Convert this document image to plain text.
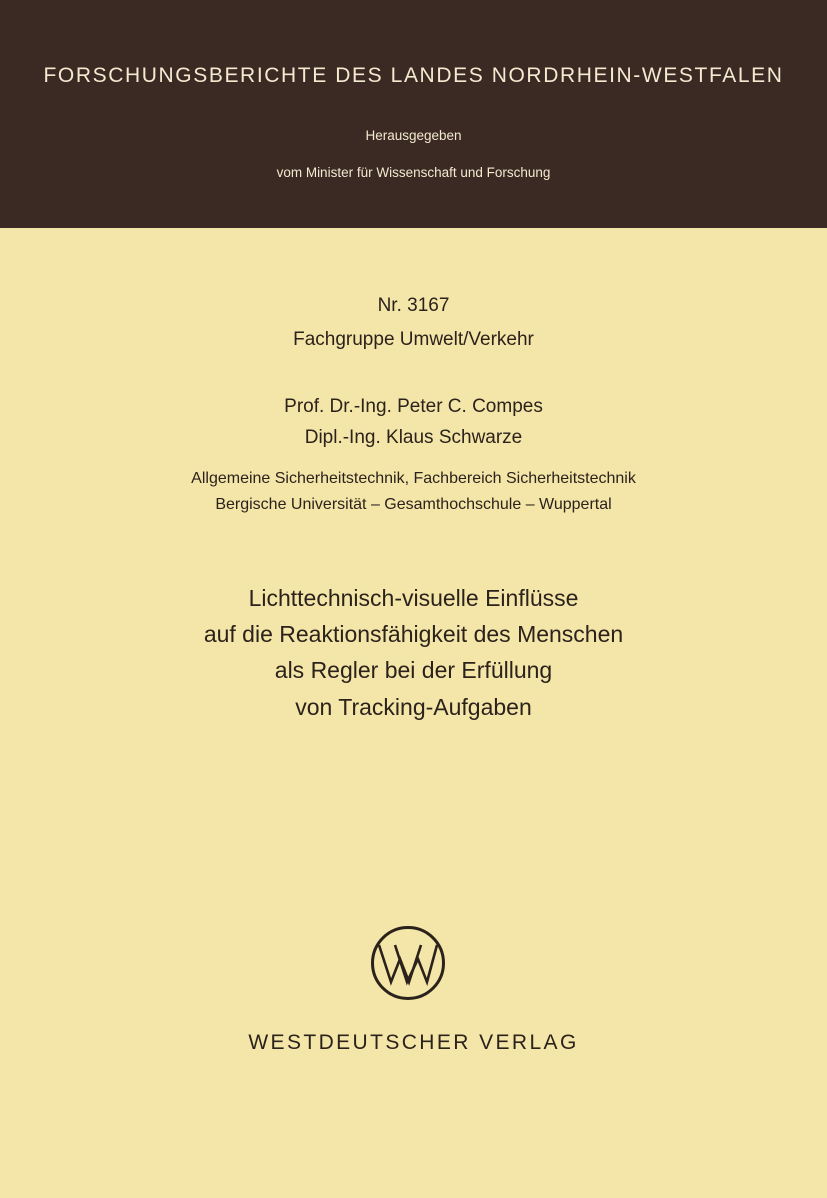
FORSCHUNGSBERICHTE DES LANDES NORDRHEIN-WESTFALEN
Herausgegeben
vom Minister für Wissenschaft und Forschung
Nr. 3167
Fachgruppe Umwelt/Verkehr
Prof. Dr.-Ing. Peter C. Compes
Dipl.-Ing. Klaus Schwarze
Allgemeine Sicherheitstechnik, Fachbereich Sicherheitstechnik
Bergische Universität – Gesamthochschule – Wuppertal
Lichttechnisch-visuelle Einflüsse
auf die Reaktionsfähigkeit des Menschen
als Regler bei der Erfüllung
von Tracking-Aufgaben
WESTDEUTSCHER VERLAG
